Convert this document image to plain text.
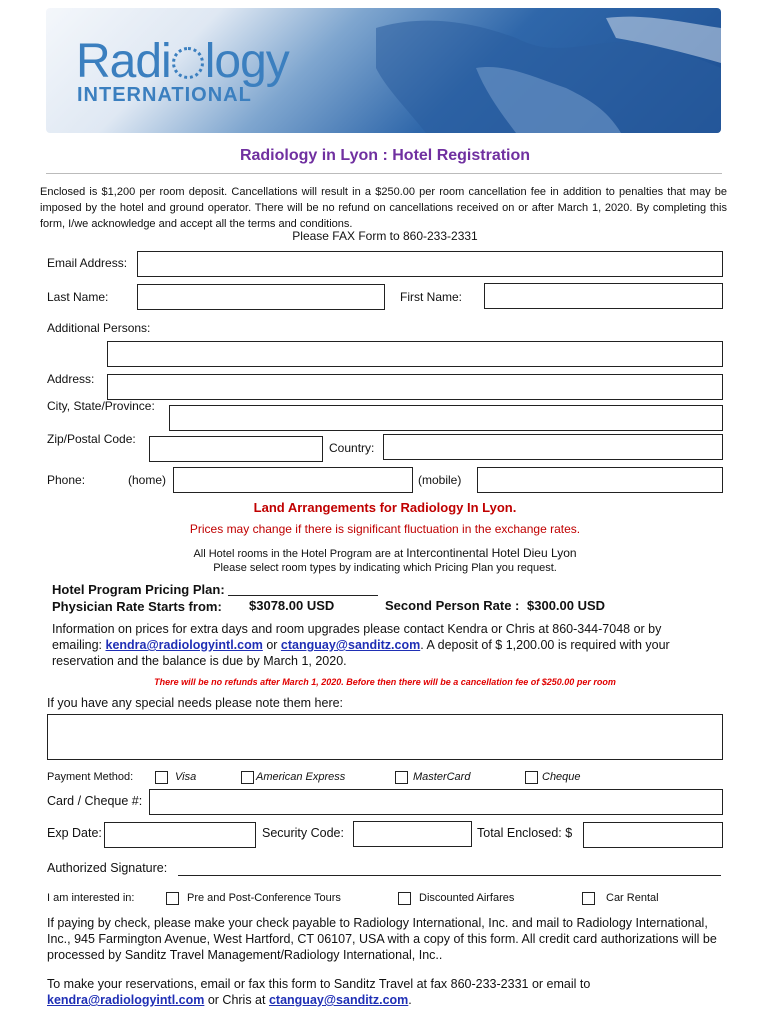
Radi logy
INTERNATIONAL
Radiology in Lyon : Hotel Registration
Enclosed is $1,200 per room deposit. Cancellations will result in a $250.00 per room cancellation fee in addition to penalties that may be imposed by the hotel and ground operator. There will be no refund on cancellations received on or after March 1, 2020. By completing this form, I/we acknowledge and accept all the terms and conditions.
Please FAX Form to 860-233-2331
Email Address:
Last Name:	First Name:
Additional Persons:
Address:
City, State/Province:
Zip/Postal Code:
Country:
Phone:	(home)	(mobile)
Land Arrangements for Radiology In Lyon.
Prices may change if there is significant fluctuation in the exchange rates.
All Hotel rooms in the Hotel Program are at Intercontinental Hotel Dieu Lyon
Please select room types by indicating which Pricing Plan you request.
Hotel Program Pricing Plan:
Physician Rate Starts from: $3078.00 USD	Second Person Rate : $300.00 USD
Information on prices for extra days and room upgrades please contact Kendra or Chris at 860-344-7048 or by
emailing: kendra@radiologyintl.com or ctanguay@sanditz.com. A deposit of $ 1,200.00 is required with your
reservation and the balance is due by March 1, 2020.
There will be no refunds after March 1, 2020. Before then there will be a cancellation fee of $250.00 per room
If you have any special needs please note them here:
Payment Method:	Visa	American Express	MasterCard	Cheque
Card / Cheque #:
Exp Date:	Security Code:	Total Enclosed: $
Authorized Signature:
I am interested in:	Pre and Post-Conference Tours	Discounted Airfares	Car Rental
If paying by check, please make your check payable to Radiology International, Inc. and mail to Radiology International, Inc., 945 Farmington Avenue, West Hartford, CT 06107, USA with a copy of this form. All credit card authorizations will be processed by Sanditz Travel Management/Radiology International, Inc..
To make your reservations, email or fax this form to Sanditz Travel at fax 860-233-2331 or email to
kendra@radiologyintl.com or Chris at ctanguay@sanditz.com.
